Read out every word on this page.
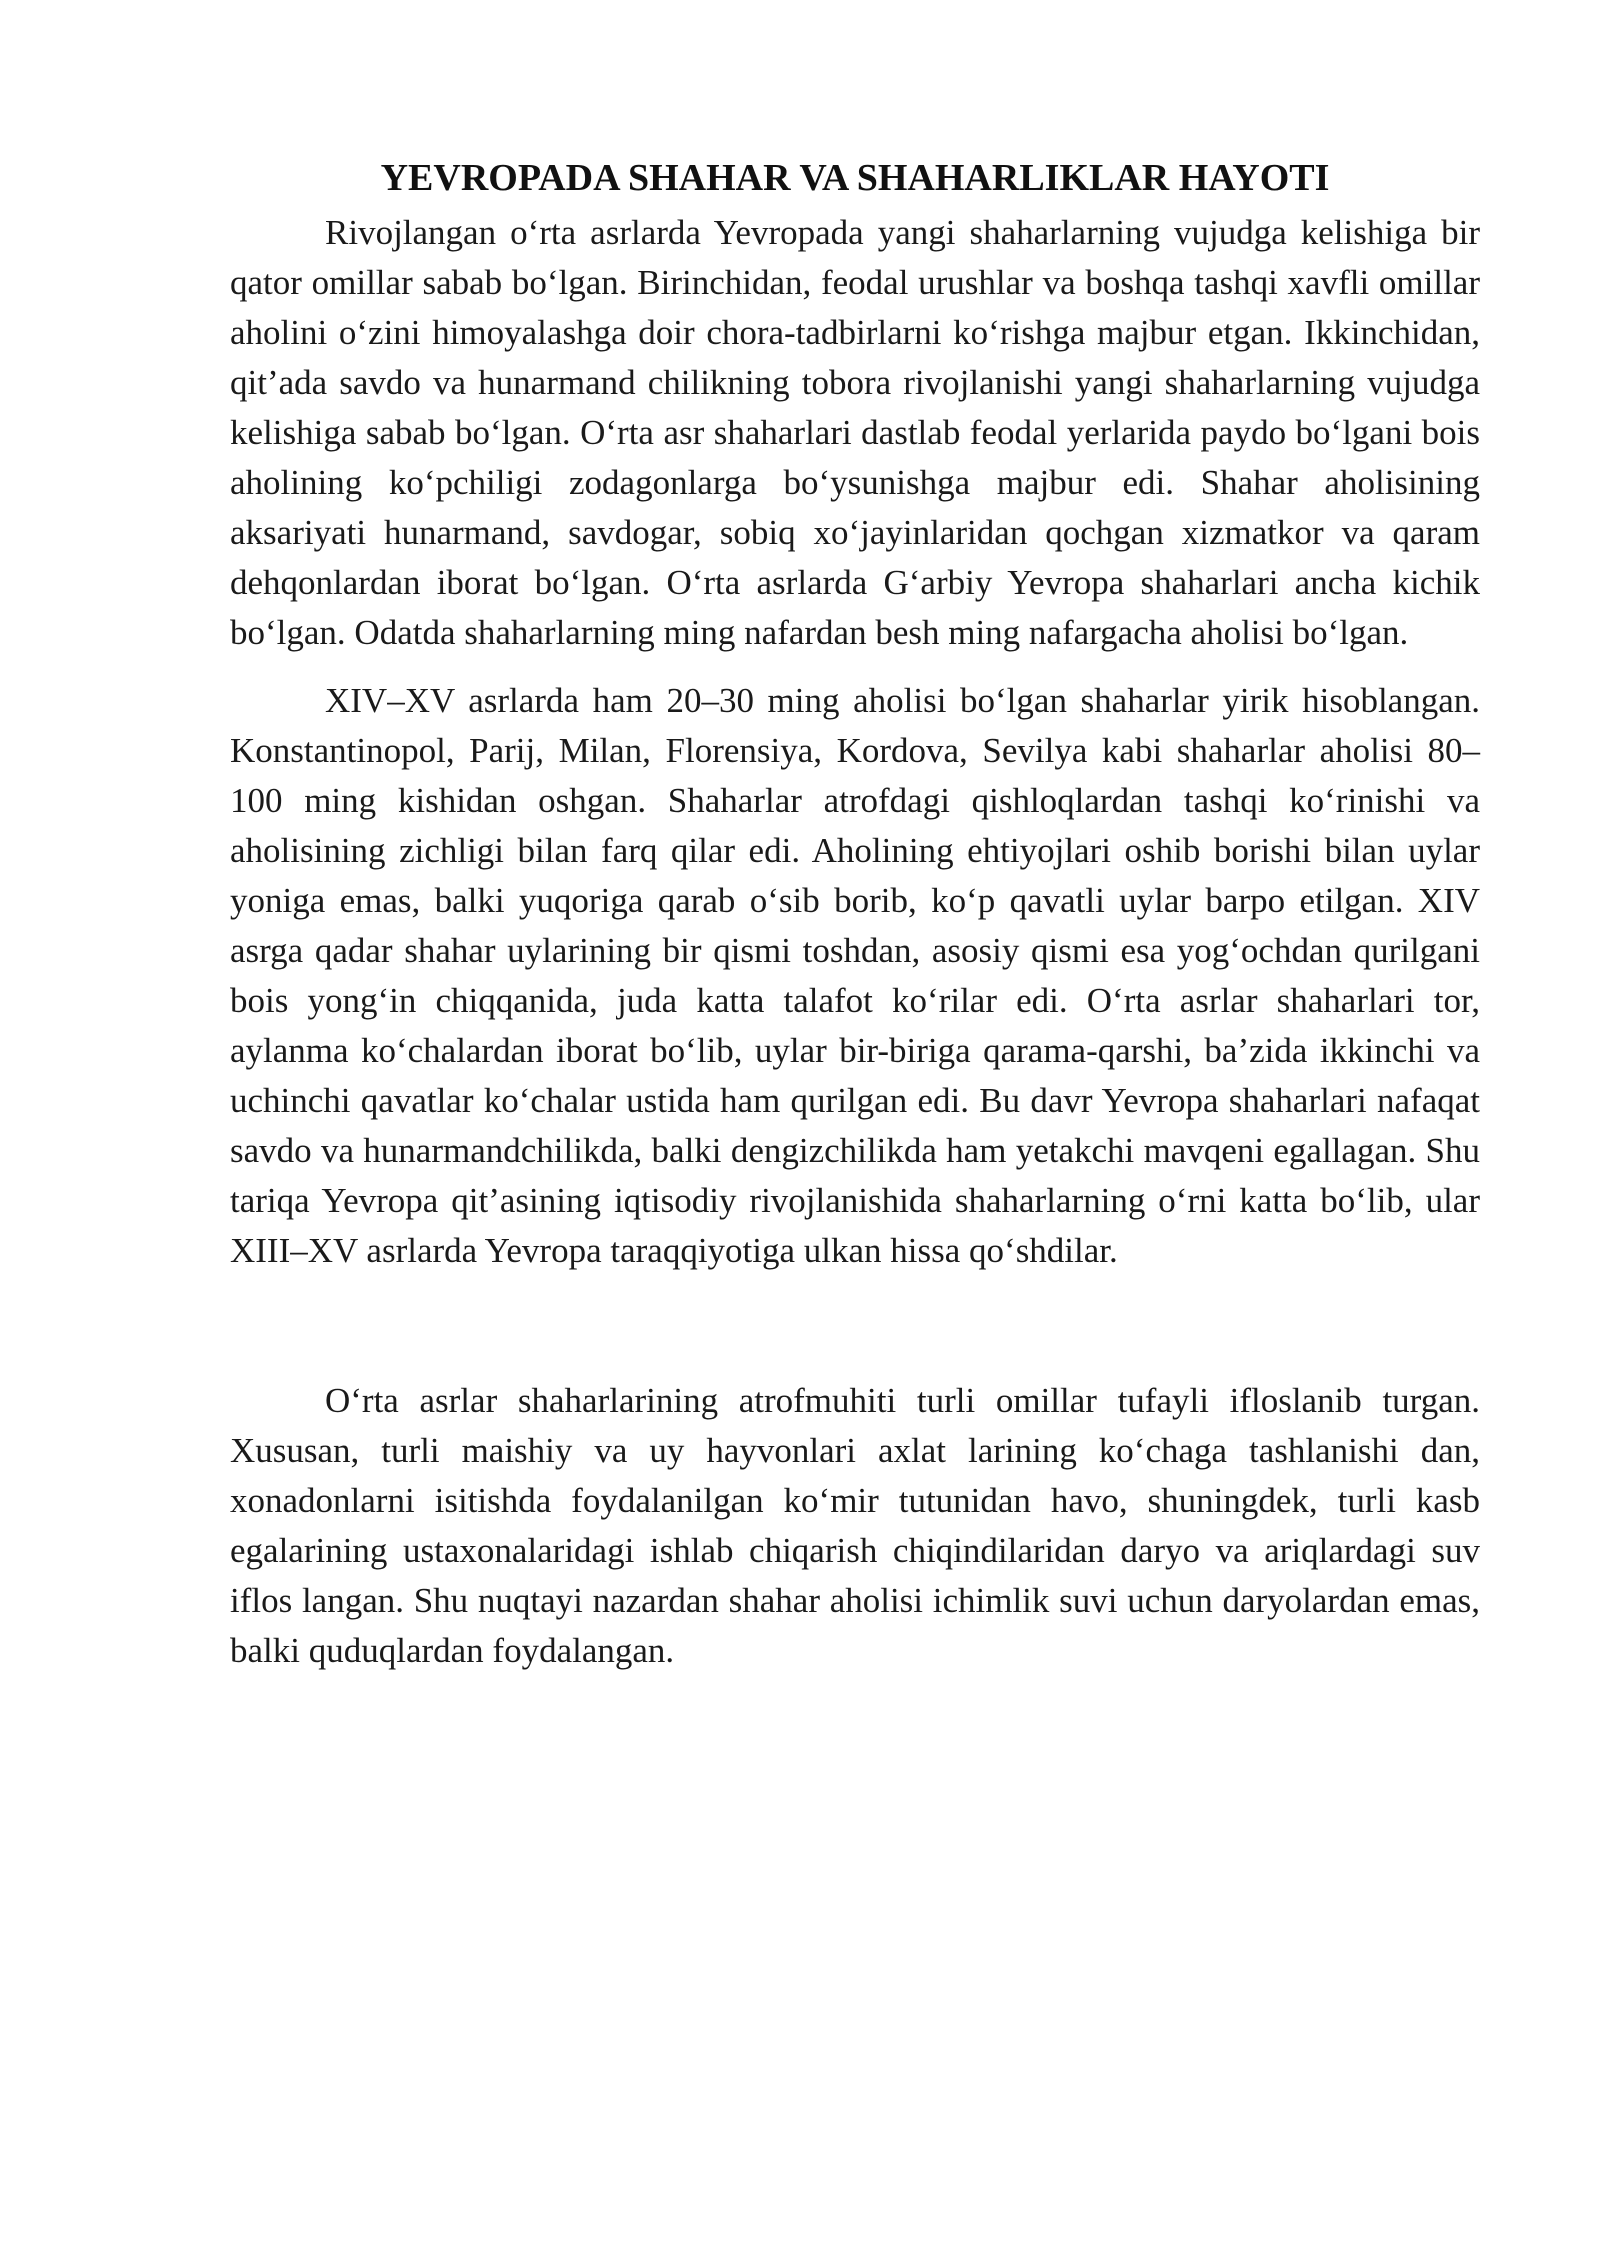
YEVROPADA SHAHAR VA SHAHARLIKLAR HAYOTI

Rivojlangan o‘rta asrlarda Yevropada yangi shaharlarning vujudga kelishiga bir qator omillar sabab bo‘lgan. Birinchidan, feodal urushlar va boshqa tashqi xavfli omillar aholini o‘zini himoyalashga doir chora-tadbirlarni ko‘rishga majbur etgan. Ikkinchidan, qit’ada savdo va hunarmand chilikning tobora rivojlanishi yangi shaharlarning vujudga kelishiga sabab bo‘lgan. O‘rta asr shaharlari dastlab feodal yerlarida paydo bo‘lgani bois aholining ko‘pchiligi zodagonlarga bo‘ysunishga majbur edi. Shahar aholisining aksariyati hunarmand, savdogar, sobiq xo‘jayinlaridan qochgan xizmatkor va qaram dehqonlardan iborat bo‘lgan. O‘rta asrlarda G‘arbiy Yevropa shaharlari ancha kichik bo‘lgan. Odatda shaharlarning ming nafardan besh ming nafargacha aholisi bo‘lgan.

XIV–XV asrlarda ham 20–30 ming aholisi bo‘lgan shaharlar yirik hisoblangan. Konstantinopol, Parij, Milan, Florensiya, Kordova, Sevilya kabi shaharlar aholisi 80–100 ming kishidan oshgan. Shaharlar atrofdagi qishloqlardan tashqi ko‘rinishi va aholisining zichligi bilan farq qilar edi. Aholining ehtiyojlari oshib borishi bilan uylar yoniga emas, balki yuqoriga qarab o‘sib borib, ko‘p qavatli uylar barpo etilgan. XIV asrga qadar shahar uylarining bir qismi toshdan, asosiy qismi esa yog‘ochdan qurilgani bois yong‘in chiqqanida, juda katta talafot ko‘rilar edi. O‘rta asrlar shaharlari tor, aylanma ko‘chalardan iborat bo‘lib, uylar bir-biriga qarama-qarshi, ba’zida ikkinchi va uchinchi qavatlar ko‘chalar ustida ham qurilgan edi. Bu davr Yevropa shaharlari nafaqat savdo va hunarmandchilikda, balki dengizchilikda ham yetakchi mavqeni egallagan. Shu tariqa Yevropa qit’asining iqtisodiy rivojlanishida shaharlarning o‘rni katta bo‘lib, ular XIII–XV asrlarda Yevropa taraqqiyotiga ulkan hissa qo‘shdilar.

O‘rta asrlar shaharlarining atrofmuhiti turli omillar tufayli ifloslanib turgan. Xususan, turli maishiy va uy hayvonlari axlat larining ko‘chaga tashlanishi dan, xonadonlarni isitishda foydalanilgan ko‘mir tutunidan havo, shuningdek, turli kasb egalarining ustaxonalaridagi ishlab chiqarish chiqindilaridan daryo va ariqlardagi suv iflos langan. Shu nuqtayi nazardan shahar aholisi ichimlik suvi uchun daryolardan emas, balki quduqlardan foydalangan.
